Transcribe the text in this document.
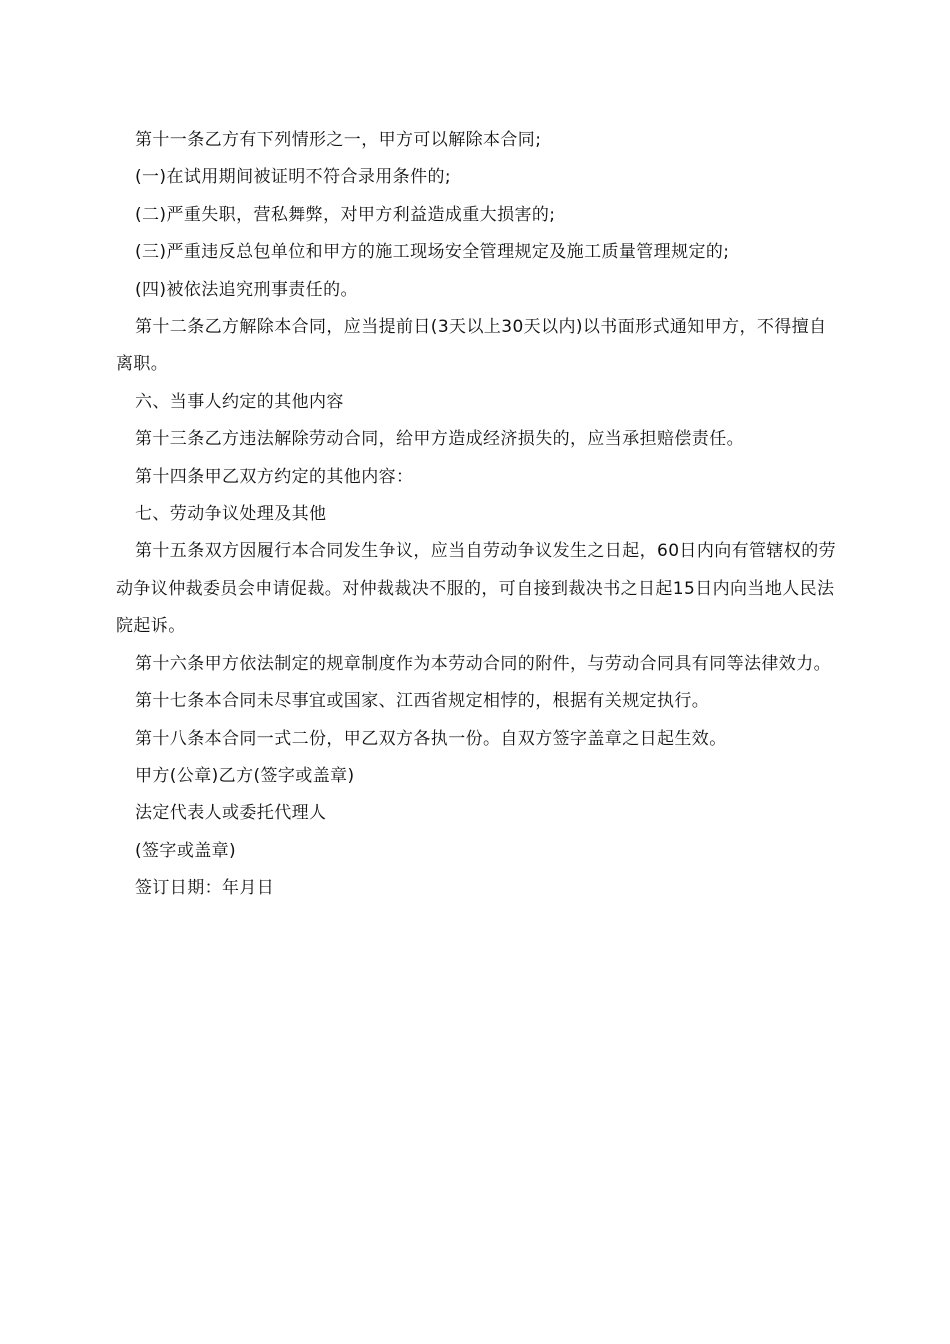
第十一条乙方有下列情形之一，甲方可以解除本合同;

(一)在试用期间被证明不符合录用条件的;

(二)严重失职，营私舞弊，对甲方利益造成重大损害的;

(三)严重违反总包单位和甲方的施工现场安全管理规定及施工质量管理规定的;

(四)被依法追究刑事责任的。

第十二条乙方解除本合同，应当提前日(3天以上30天以内)以书面形式通知甲方，不得擅自离职。

六、当事人约定的其他内容

第十三条乙方违法解除劳动合同，给甲方造成经济损失的，应当承担赔偿责任。

第十四条甲乙双方约定的其他内容：

七、劳动争议处理及其他

第十五条双方因履行本合同发生争议，应当自劳动争议发生之日起，60日内向有管辖权的劳动争议仲裁委员会申请促裁。对仲裁裁决不服的，可自接到裁决书之日起15日内向当地人民法院起诉。

第十六条甲方依法制定的规章制度作为本劳动合同的附件，与劳动合同具有同等法律效力。

第十七条本合同未尽事宜或国家、江西省规定相悖的，根据有关规定执行。

第十八条本合同一式二份，甲乙双方各执一份。自双方签字盖章之日起生效。

甲方(公章)乙方(签字或盖章)

法定代表人或委托代理人

(签字或盖章)

签订日期：年月日
